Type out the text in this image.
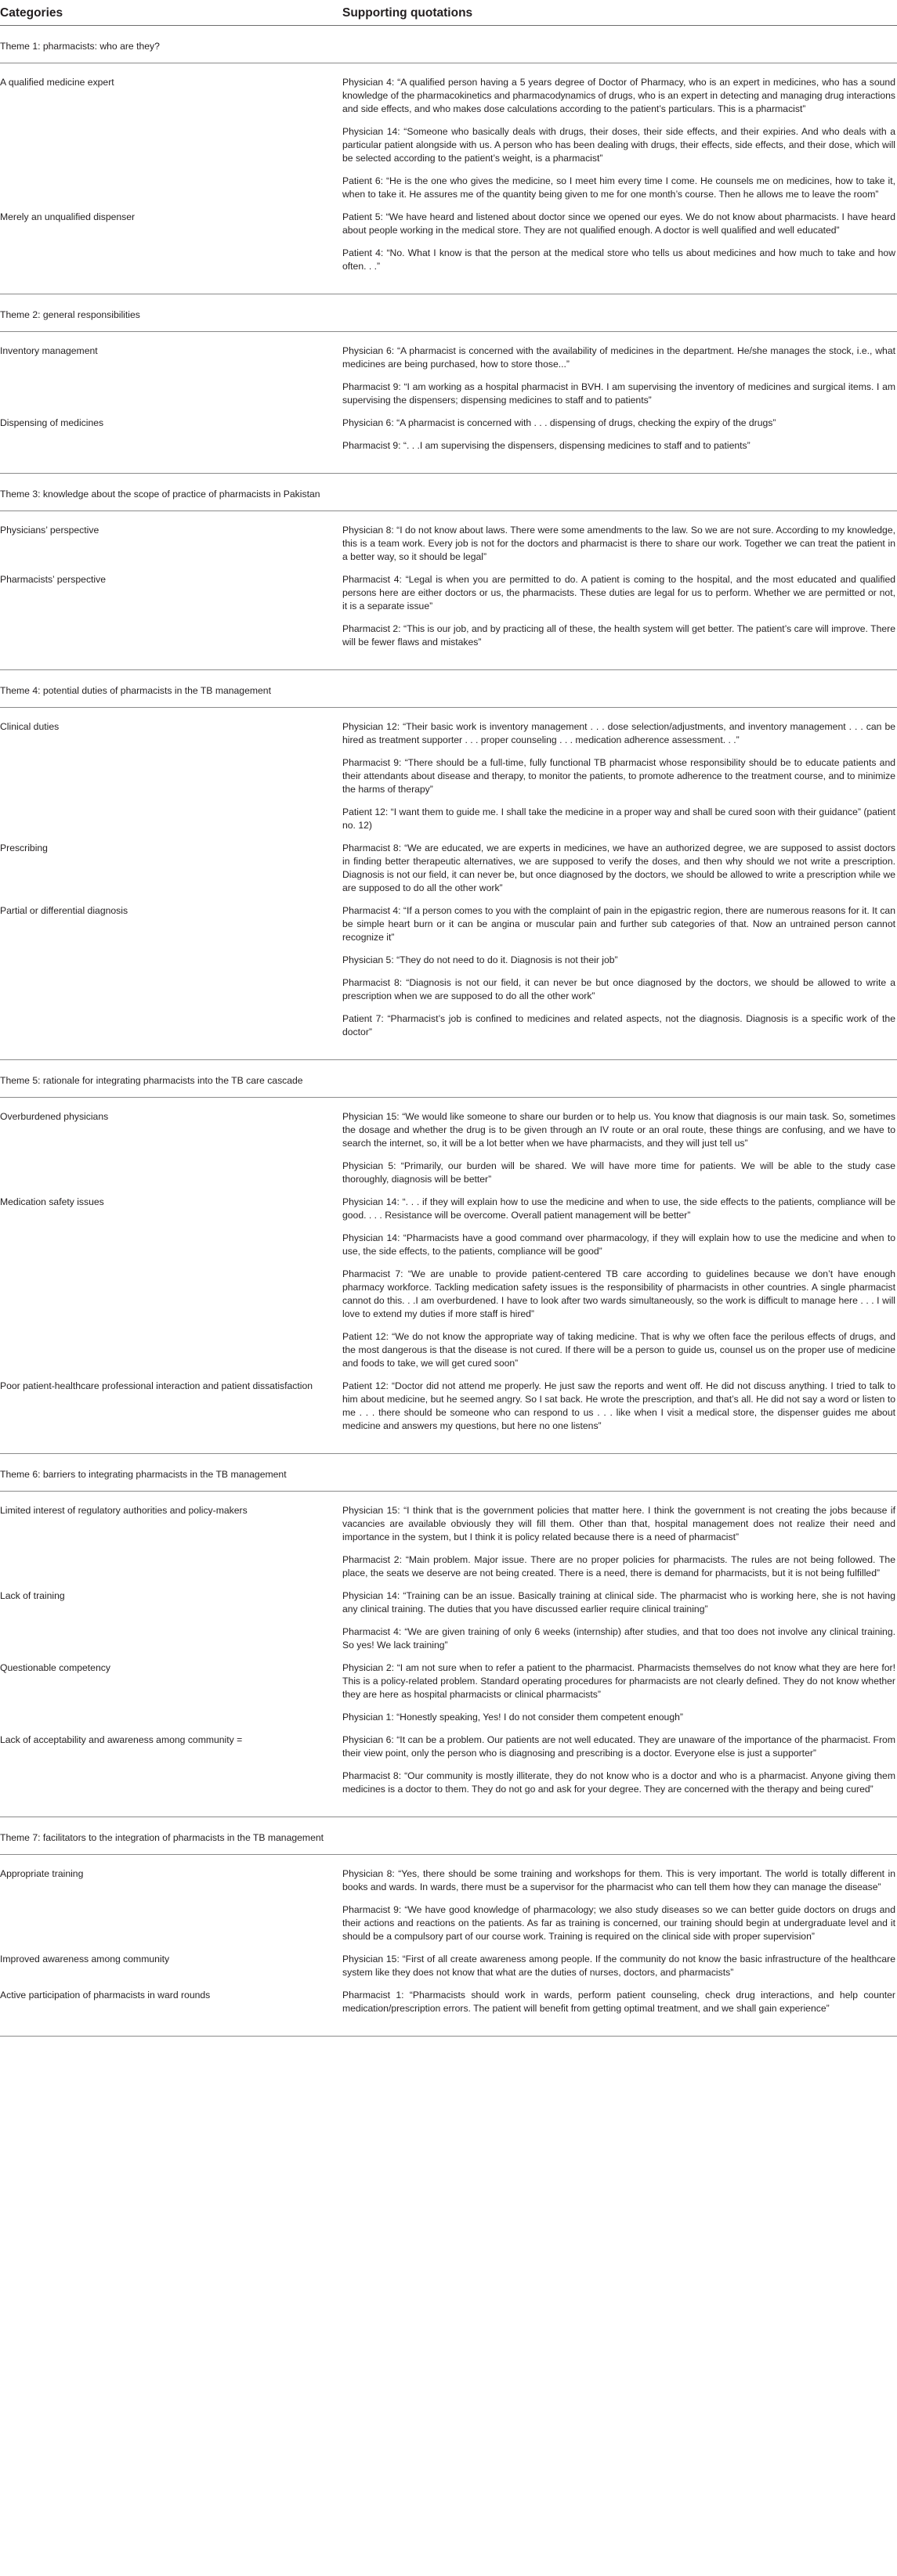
Categories	Supporting quotations
Theme 1: pharmacists: who are they?
A qualified medicine expert	Physician 4: “A qualified person having a 5 years degree of Doctor of Pharmacy, who is an expert in medicines, who has a sound knowledge of the pharmacokinetics and pharmacodynamics of drugs, who is an expert in detecting and managing drug interactions and side effects, and who makes dose calculations according to the patient’s particulars. This is a pharmacist”
Physician 14: “Someone who basically deals with drugs, their doses, their side effects, and their expiries. And who deals with a particular patient alongside with us. A person who has been dealing with drugs, their effects, side effects, and their dose, which will be selected according to the patient’s weight, is a pharmacist”
Patient 6: “He is the one who gives the medicine, so I meet him every time I come. He counsels me on medicines, how to take it, when to take it. He assures me of the quantity being given to me for one month’s course. Then he allows me to leave the room”
Merely an unqualified dispenser	Patient 5: “We have heard and listened about doctor since we opened our eyes. We do not know about pharmacists. I have heard about people working in the medical store. They are not qualified enough. A doctor is well qualified and well educated”
Patient 4: “No. What I know is that the person at the medical store who tells us about medicines and how much to take and how often. . .”
Theme 2: general responsibilities
Inventory management	Physician 6: “A pharmacist is concerned with the availability of medicines in the department. He/she manages the stock, i.e., what medicines are being purchased, how to store those...”
Pharmacist 9: “I am working as a hospital pharmacist in BVH. I am supervising the inventory of medicines and surgical items. I am supervising the dispensers; dispensing medicines to staff and to patients”
Dispensing of medicines	Physician 6: “A pharmacist is concerned with . . . dispensing of drugs, checking the expiry of the drugs”
Pharmacist 9: “. . .I am supervising the dispensers, dispensing medicines to staff and to patients”
Theme 3: knowledge about the scope of practice of pharmacists in Pakistan
Physicians’ perspective	Physician 8: “I do not know about laws. There were some amendments to the law. So we are not sure. According to my knowledge, this is a team work. Every job is not for the doctors and pharmacist is there to share our work. Together we can treat the patient in a better way, so it should be legal”
Pharmacists’ perspective	Pharmacist 4: “Legal is when you are permitted to do. A patient is coming to the hospital, and the most educated and qualified persons here are either doctors or us, the pharmacists. These duties are legal for us to perform. Whether we are permitted or not, it is a separate issue”
Pharmacist 2: “This is our job, and by practicing all of these, the health system will get better. The patient’s care will improve. There will be fewer flaws and mistakes”
Theme 4: potential duties of pharmacists in the TB management
Clinical duties	Physician 12: “Their basic work is inventory management . . . dose selection/adjustments, and inventory management . . . can be hired as treatment supporter . . . proper counseling . . . medication adherence assessment. . .”
Pharmacist 9: “There should be a full-time, fully functional TB pharmacist whose responsibility should be to educate patients and their attendants about disease and therapy, to monitor the patients, to promote adherence to the treatment course, and to minimize the harms of therapy”
Patient 12: “I want them to guide me. I shall take the medicine in a proper way and shall be cured soon with their guidance” (patient no. 12)
Prescribing	Pharmacist 8: “We are educated, we are experts in medicines, we have an authorized degree, we are supposed to assist doctors in finding better therapeutic alternatives, we are supposed to verify the doses, and then why should we not write a prescription. Diagnosis is not our field, it can never be, but once diagnosed by the doctors, we should be allowed to write a prescription while we are supposed to do all the other work”
Partial or differential diagnosis	Pharmacist 4: “If a person comes to you with the complaint of pain in the epigastric region, there are numerous reasons for it. It can be simple heart burn or it can be angina or muscular pain and further sub categories of that. Now an untrained person cannot recognize it”
Physician 5: “They do not need to do it. Diagnosis is not their job”
Pharmacist 8: “Diagnosis is not our field, it can never be but once diagnosed by the doctors, we should be allowed to write a prescription when we are supposed to do all the other work”
Patient 7: “Pharmacist’s job is confined to medicines and related aspects, not the diagnosis. Diagnosis is a specific work of the doctor”
Theme 5: rationale for integrating pharmacists into the TB care cascade
Overburdened physicians	Physician 15: “We would like someone to share our burden or to help us. You know that diagnosis is our main task. So, sometimes the dosage and whether the drug is to be given through an IV route or an oral route, these things are confusing, and we have to search the internet, so, it will be a lot better when we have pharmacists, and they will just tell us”
Physician 5: “Primarily, our burden will be shared. We will have more time for patients. We will be able to the study case thoroughly, diagnosis will be better”
Medication safety issues	Physician 14: “. . . if they will explain how to use the medicine and when to use, the side effects to the patients, compliance will be good. . . . Resistance will be overcome. Overall patient management will be better”
Physician 14: “Pharmacists have a good command over pharmacology, if they will explain how to use the medicine and when to use, the side effects, to the patients, compliance will be good”
Pharmacist 7: “We are unable to provide patient-centered TB care according to guidelines because we don’t have enough pharmacy workforce. Tackling medication safety issues is the responsibility of pharmacists in other countries. A single pharmacist cannot do this. . .I am overburdened. I have to look after two wards simultaneously, so the work is difficult to manage here . . . I will love to extend my duties if more staff is hired”
Patient 12: “We do not know the appropriate way of taking medicine. That is why we often face the perilous effects of drugs, and the most dangerous is that the disease is not cured. If there will be a person to guide us, counsel us on the proper use of medicine and foods to take, we will get cured soon”
Poor patient-healthcare professional interaction and patient dissatisfaction	Patient 12: “Doctor did not attend me properly. He just saw the reports and went off. He did not discuss anything. I tried to talk to him about medicine, but he seemed angry. So I sat back. He wrote the prescription, and that’s all. He did not say a word or listen to me . . . there should be someone who can respond to us . . . like when I visit a medical store, the dispenser guides me about medicine and answers my questions, but here no one listens”
Theme 6: barriers to integrating pharmacists in the TB management
Limited interest of regulatory authorities and policy-makers	Physician 15: “I think that is the government policies that matter here. I think the government is not creating the jobs because if vacancies are available obviously they will fill them. Other than that, hospital management does not realize their need and importance in the system, but I think it is policy related because there is a need of pharmacist”
Pharmacist 2: “Main problem. Major issue. There are no proper policies for pharmacists. The rules are not being followed. The place, the seats we deserve are not being created. There is a need, there is demand for pharmacists, but it is not being fulfilled”
Lack of training	Physician 14: “Training can be an issue. Basically training at clinical side. The pharmacist who is working here, she is not having any clinical training. The duties that you have discussed earlier require clinical training”
Pharmacist 4: “We are given training of only 6 weeks (internship) after studies, and that too does not involve any clinical training. So yes! We lack training”
Questionable competency	Physician 2: “I am not sure when to refer a patient to the pharmacist. Pharmacists themselves do not know what they are here for! This is a policy-related problem. Standard operating procedures for pharmacists are not clearly defined. They do not know whether they are here as hospital pharmacists or clinical pharmacists”
Physician 1: “Honestly speaking, Yes! I do not consider them competent enough”
Lack of acceptability and awareness among community =	Physician 6: “It can be a problem. Our patients are not well educated. They are unaware of the importance of the pharmacist. From their view point, only the person who is diagnosing and prescribing is a doctor. Everyone else is just a supporter”
Pharmacist 8: “Our community is mostly illiterate, they do not know who is a doctor and who is a pharmacist. Anyone giving them medicines is a doctor to them. They do not go and ask for your degree. They are concerned with the therapy and being cured”
Theme 7: facilitators to the integration of pharmacists in the TB management
Appropriate training	Physician 8: “Yes, there should be some training and workshops for them. This is very important. The world is totally different in books and wards. In wards, there must be a supervisor for the pharmacist who can tell them how they can manage the disease”
Pharmacist 9: “We have good knowledge of pharmacology; we also study diseases so we can better guide doctors on drugs and their actions and reactions on the patients. As far as training is concerned, our training should begin at undergraduate level and it should be a compulsory part of our course work. Training is required on the clinical side with proper supervision”
Improved awareness among community	Physician 15: “First of all create awareness among people. If the community do not know the basic infrastructure of the healthcare system like they does not know that what are the duties of nurses, doctors, and pharmacists”
Active participation of pharmacists in ward rounds	Pharmacist 1: “Pharmacists should work in wards, perform patient counseling, check drug interactions, and help counter medication/prescription errors. The patient will benefit from getting optimal treatment, and we shall gain experience”
